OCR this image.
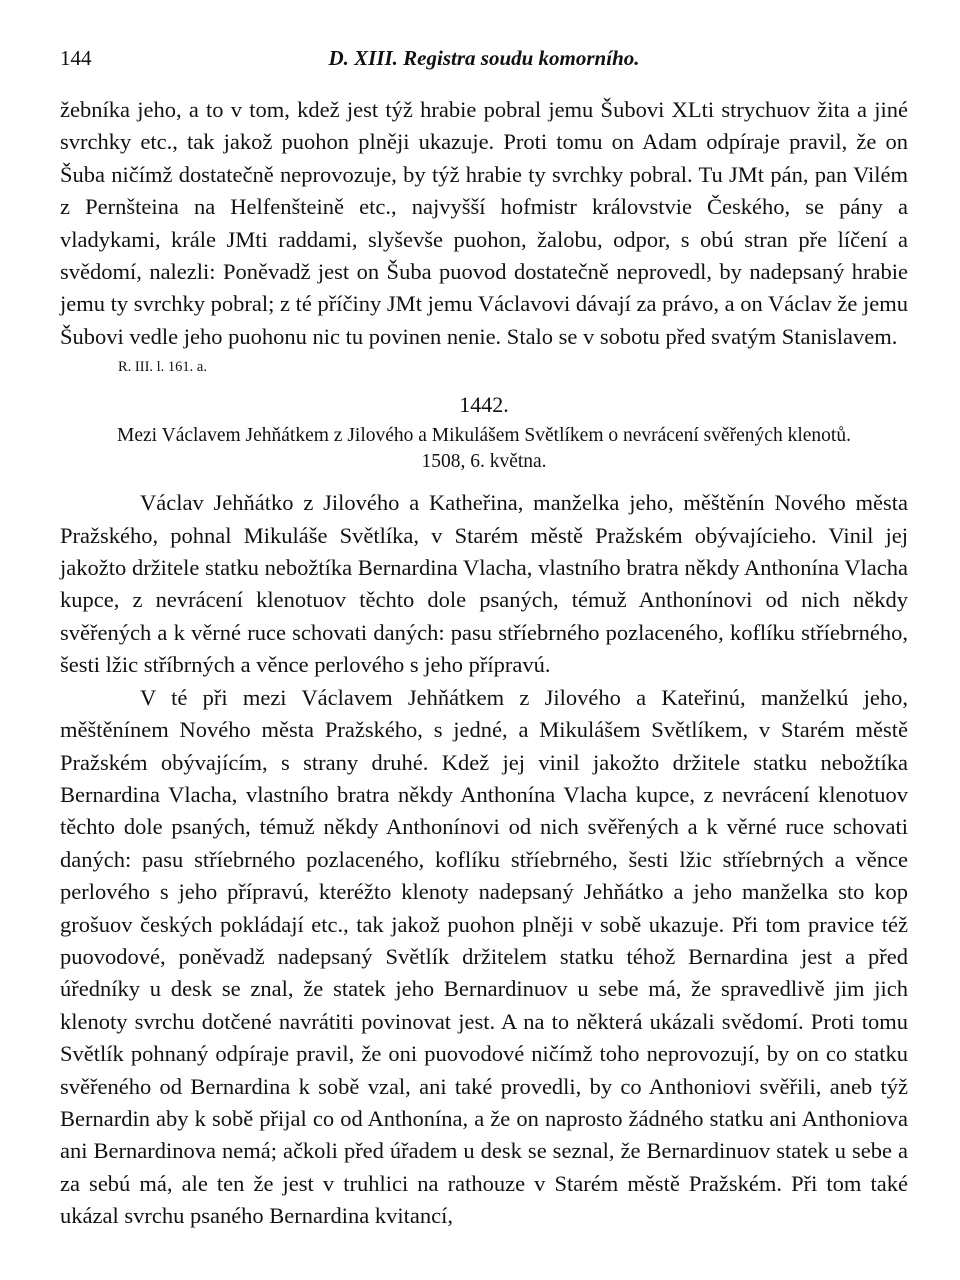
144	D. XIII. Registra soudu komorního.

žebníka jeho, a to v tom, kdež jest týž hrabie pobral jemu Šubovi XLti strychuov žita a jiné svrchky etc., tak jakož puohon plněji ukazuje. Proti tomu on Adam odpíraje pravil, že on Šuba ničímž dostatečně neprovozuje, by týž hrabie ty svrchky pobral. Tu JMt pán, pan Vilém z Pernšteina na Helfenšteině etc., najvyšší hofmistr královstvie Českého, se pány a vladykami, krále JMti raddami, slyševše puohon, žalobu, odpor, s obú stran pře líčení a svědomí, nalezli: Poněvadž jest on Šuba puovod dostatečně neprovedl, by nadepsaný hrabie jemu ty svrchky pobral; z té příčiny JMt jemu Václavovi dávají za právo, a on Václav že jemu Šubovi vedle jeho puohonu nic tu povinen nenie. Stalo se v sobotu před svatým Stanislavem.

R. III. l. 161. a.
1442.
Mezi Václavem Jehňátkem z Jilového a Mikulášem Světlíkem o nevrácení svěřených klenotů.
1508, 6. května.

Václav Jehňátko z Jilového a Katheřina, manželka jeho, měštěnín Nového města Pražského, pohnal Mikuláše Světlíka, v Starém městě Pražském obývajícieho. Vinil jej jakožto držitele statku nebožtíka Bernardina Vlacha, vlastního bratra někdy Anthonína Vlacha kupce, z nevrácení klenotuov těchto dole psaných, témuž Anthonínovi od nich někdy svěřených a k věrné ruce schovati daných: pasu stříebrného pozlaceného, koflíku stříebrného, šesti lžic stříbrných a věnce perlového s jeho přípravú.

V té při mezi Václavem Jehňátkem z Jilového a Kateřinú, manželkú jeho, měštěnínem Nového města Pražského, s jedné, a Mikulášem Světlíkem, v Starém městě Pražském obývajícím, s strany druhé. Kdež jej vinil jakožto držitele statku nebožtíka Bernardina Vlacha, vlastního bratra někdy Anthonína Vlacha kupce, z nevrácení klenotuov těchto dole psaných, témuž někdy Anthonínovi od nich svěřených a k věrné ruce schovati daných: pasu stříebrného pozlaceného, koflíku stříebrného, šesti lžic stříebrných a věnce perlového s jeho přípravú, kteréžto klenoty nadepsaný Jehňátko a jeho manželka sto kop grošuov českých pokládají etc., tak jakož puohon plněji v sobě ukazuje. Při tom pravice též puovodové, poněvadž nadepsaný Světlík držitelem statku téhož Bernardina jest a před úředníky u desk se znal, že statek jeho Bernardinuov u sebe má, že spravedlivě jim jich klenoty svrchu dotčené navrátiti povinovat jest. A na to některá ukázali svědomí. Proti tomu Světlík pohnaný odpíraje pravil, že oni puovodové ničímž toho neprovozují, by on co statku svěřeného od Bernardina k sobě vzal, ani také provedli, by co Anthoniovi svěřili, aneb týž Bernardin aby k sobě přijal co od Anthonína, a že on naprosto žádného statku ani Anthoniova ani Bernardinova nemá; ačkoli před úřadem u desk se seznal, že Bernardinuov statek u sebe a za sebú má, ale ten že jest v truhlici na rathouze v Starém městě Pražském. Při tom také ukázal svrchu psaného Bernardina kvitancí,
